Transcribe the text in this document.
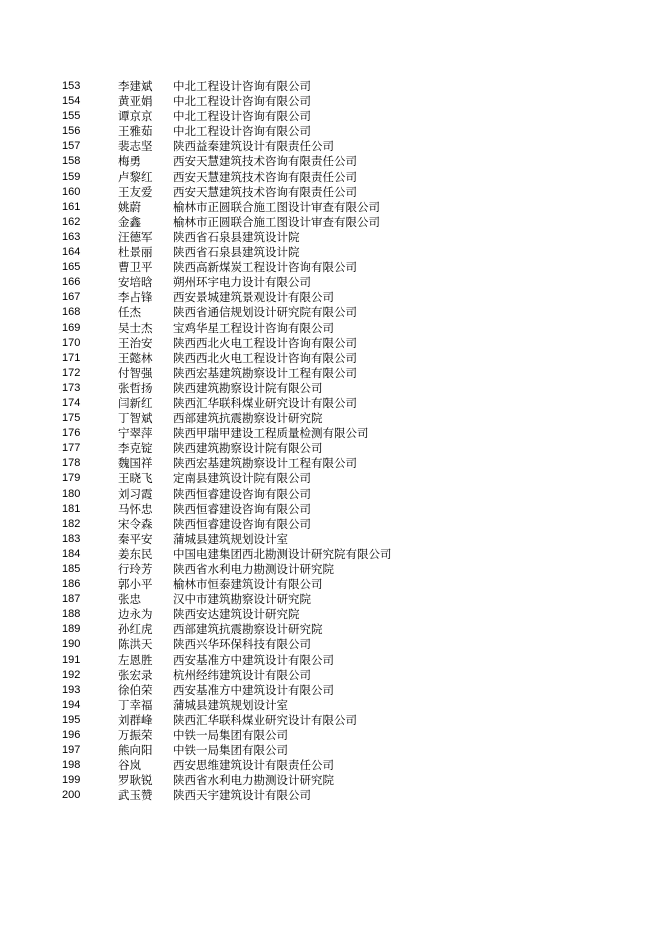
153	李建斌 中北工程设计咨询有限公司
154	黄亚娟 中北工程设计咨询有限公司
155	谭京京 中北工程设计咨询有限公司
156	王雅茹 中北工程设计咨询有限公司
157	裴志坚 陕西益秦建筑设计有限责任公司
158	梅勇	西安天慧建筑技术咨询有限责任公司
159	卢黎红 西安天慧建筑技术咨询有限责任公司
160	王友爱 西安天慧建筑技术咨询有限责任公司
161	姚蔚	榆林市正圆联合施工图设计审查有限公司
162	金鑫	榆林市正圆联合施工图设计审查有限公司
163	汪德军 陕西省石泉县建筑设计院
164	杜景丽 陕西省石泉县建筑设计院
165	曹卫平 陕西高新煤炭工程设计咨询有限公司
166	安培晗 朔州环宇电力设计有限公司
167	李占锋 西安景城建筑景观设计有限公司
168	任杰	陕西省通信规划设计研究院有限公司
169	吴士杰 宝鸡华星工程设计咨询有限公司
170	王治安 陕西西北火电工程设计咨询有限公司
171	王懿林 陕西西北火电工程设计咨询有限公司
172	付智强 陕西宏基建筑勘察设计工程有限公司
173	张哲扬 陕西建筑勘察设计院有限公司
174	闫新红 陕西汇华联科煤业研究设计有限公司
175	丁智斌 西部建筑抗震勘察设计研究院
176	宁翠萍 陕西甲瑞甲建设工程质量检测有限公司
177	李克锭 陕西建筑勘察设计院有限公司
178	魏国祥 陕西宏基建筑勘察设计工程有限公司
179	王晓飞 定南县建筑设计院有限公司
180	刘习霞 陕西恒睿建设咨询有限公司
181	马怀忠 陕西恒睿建设咨询有限公司
182	宋令森 陕西恒睿建设咨询有限公司
183	秦平安 蒲城县建筑规划设计室
184	姜东民 中国电建集团西北勘测设计研究院有限公司
185	行玲芳 陕西省水利电力勘测设计研究院
186	郭小平 榆林市恒泰建筑设计有限公司
187	张忠	汉中市建筑勘察设计研究院
188	边永为 陕西安达建筑设计研究院
189	孙红虎 西部建筑抗震勘察设计研究院
190	陈洪天 陕西兴华环保科技有限公司
191	左恩胜 西安基准方中建筑设计有限公司
192	张宏录 杭州经纬建筑设计有限公司
193	徐伯荣 西安基准方中建筑设计有限公司
194	丁幸福 蒲城县建筑规划设计室
195	刘群峰 陕西汇华联科煤业研究设计有限公司
196	万振荣 中铁一局集团有限公司
197	熊向阳 中铁一局集团有限公司
198	谷岚	西安思维建筑设计有限责任公司
199	罗耿锐 陕西省水利电力勘测设计研究院
200	武玉赞 陕西天宇建筑设计有限公司
